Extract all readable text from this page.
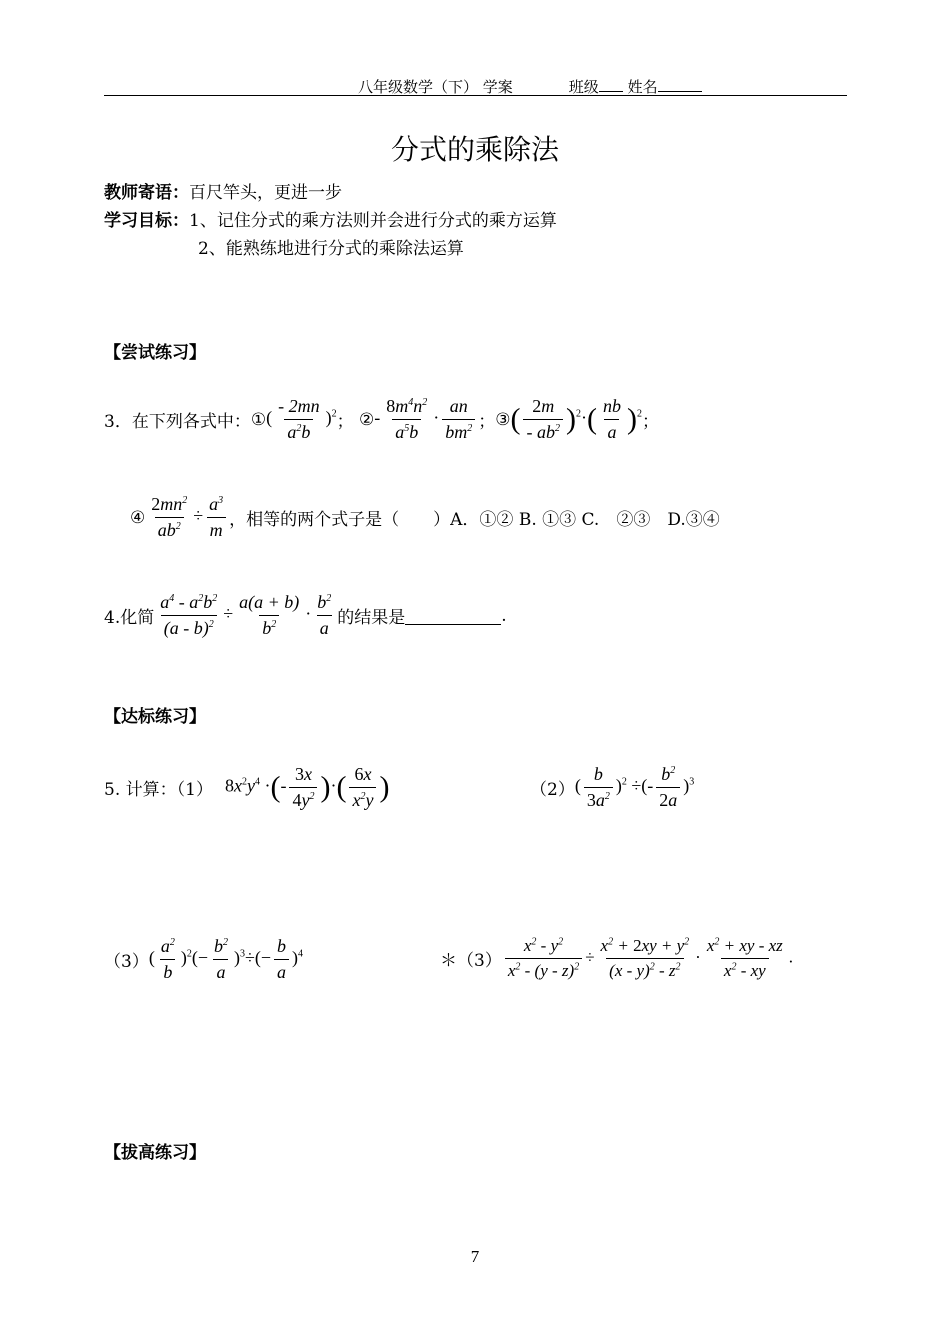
八年级数学（下） 学案	班级 姓名
分式的乘除法
教师寄语：百尺竿头，更进一步
学习目标：1、记住分式的乘方法则并会进行分式的乘方运算
2、能熟练地进行分式的乘除法运算
【尝试练习】
3．在下列各式中： ① ( $\frac{- 2mn}{a^2b} )^2$ ； ② - $\frac{8m^4n^2}{a^5b} \cdot \frac{an}{bm^2}$ ； ③ ( $\frac{2m}{- ab^2} )^2\cdot( \frac{nb}{a} )^2$ ；
④ $\frac{2mn^2}{ab^2} \div \frac{a^3}{m}$ ，相等的两个式子是（　　）A．①② B. ①③ C.　②③　D.③④
4.化简 $\frac{a^4 - a^2b^2}{(a - b)^2} \div \frac{a(a + b)}{b^2} \cdot \frac{b^2}{a}$ 的结果是	.
【达标练习】
5. 计算：（1） $8x^2y^4$ ·(- $\frac{3x}{4y^2}$ )·( $\frac{6x}{x^2y}$ )	（2） ( $\frac{b}{3a^2} )^2$ ÷(- $\frac{b^2}{2a} )^3$
（3） ( $\frac{a^2}{b} )^2(- \frac{b^2}{a} )^3\div(- \frac{b}{a} )^4$	＊（3） $\frac{x^2 - y^2}{x^2 - (y - z)^2} \div \frac{x^2 + 2xy + y^2}{(x - y)^2 - z^2} \cdot \frac{x^2 + xy - xz}{x^2 - xy}$ .
【拔高练习】
7
